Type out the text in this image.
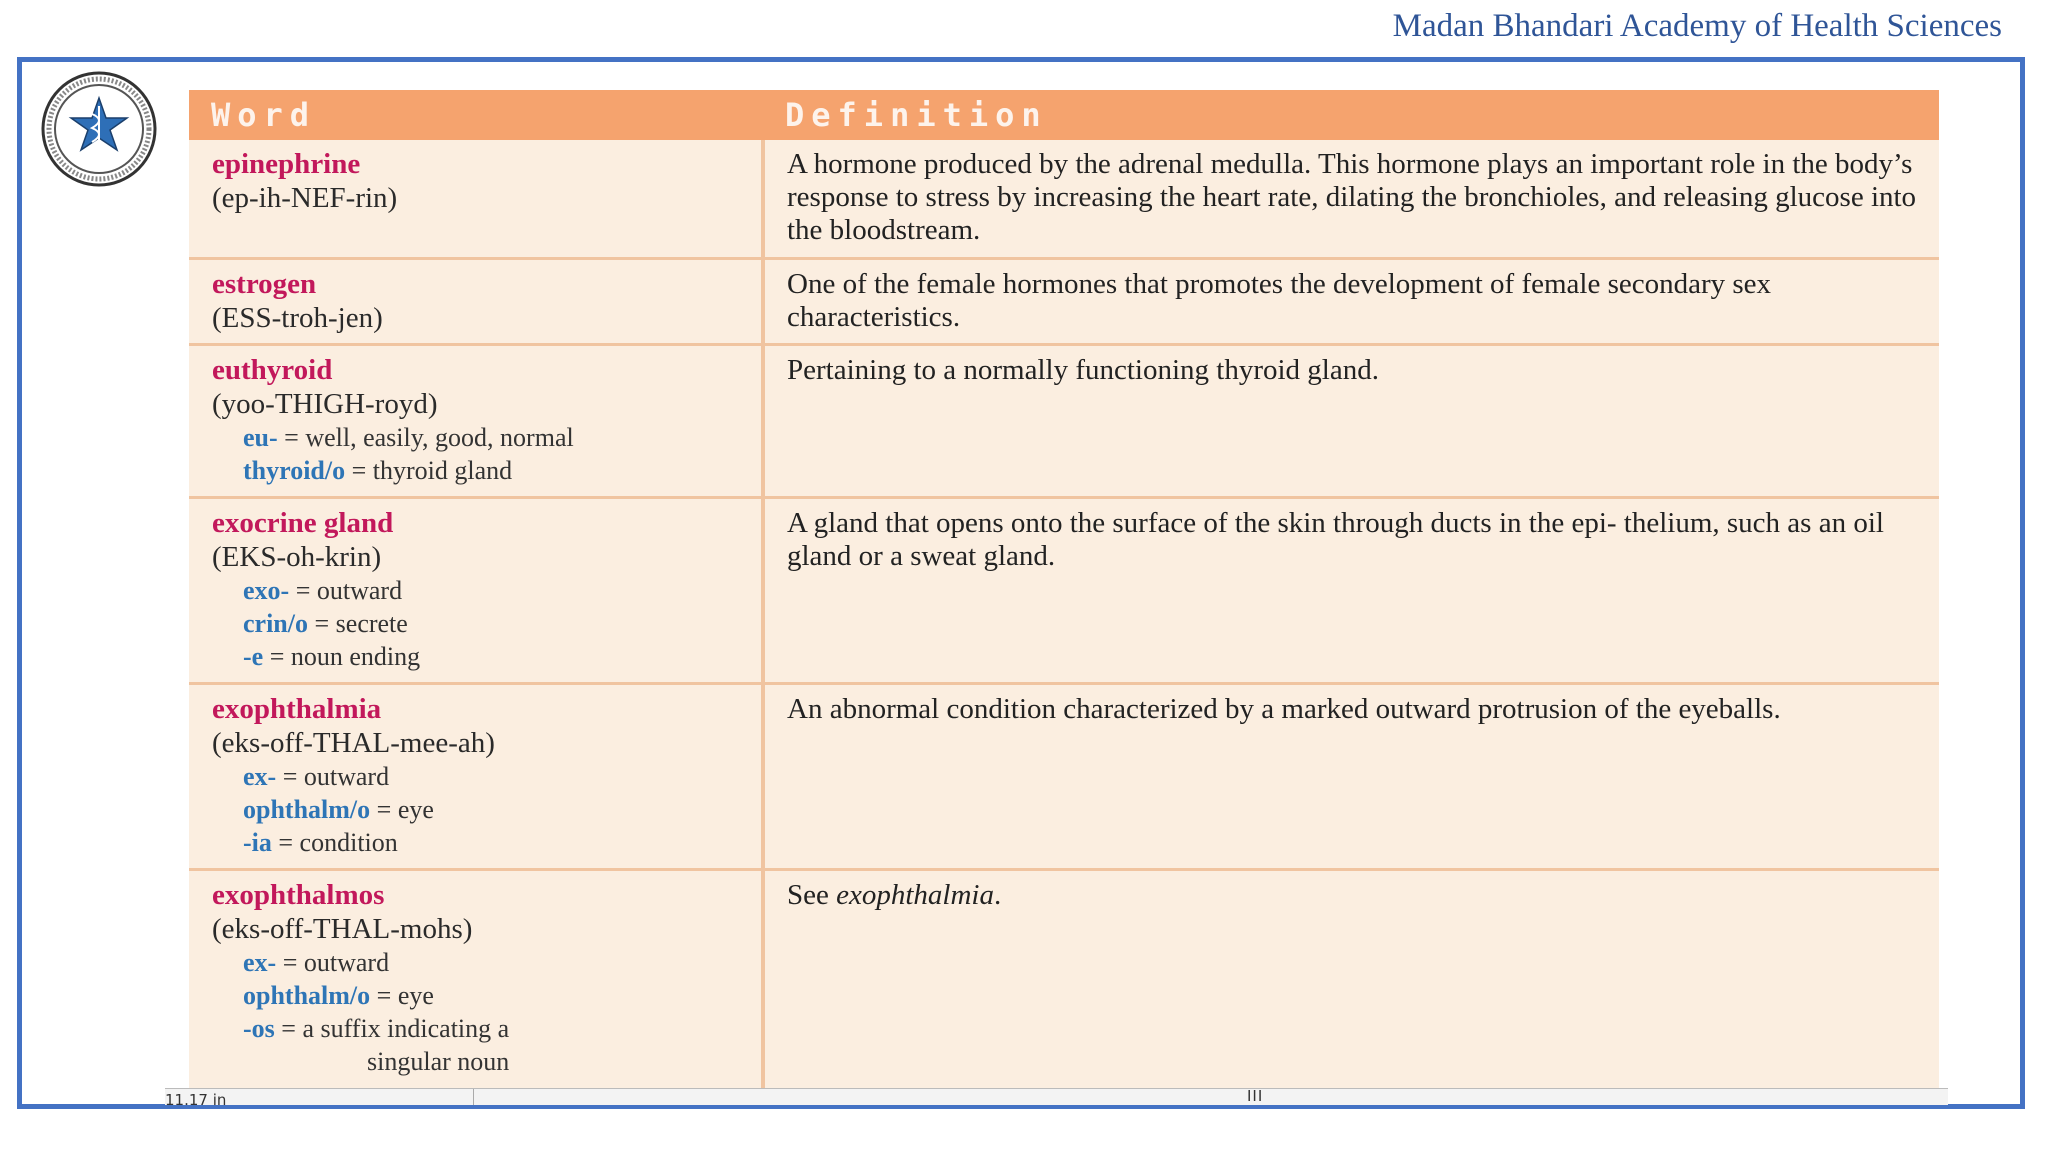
Madan Bhandari Academy of Health Sciences
Word	Definition
epinephrine
(ep-ih-NEF-rin)
A hormone produced by the adrenal medulla. This hormone plays an important role in the body’s response to stress by increasing the heart rate, dilating the bronchioles, and releasing glucose into the bloodstream.
estrogen
(ESS-troh-jen)
One of the female hormones that promotes the development of female secondary sex characteristics.
euthyroid
(yoo-THIGH-royd)
eu- = well, easily, good, normal
thyroid/o = thyroid gland
Pertaining to a normally functioning thyroid gland.
exocrine gland
(EKS-oh-krin)
exo- = outward
crin/o = secrete
-e = noun ending
A gland that opens onto the surface of the skin through ducts in the epi- thelium, such as an oil gland or a sweat gland.
exophthalmia
(eks-off-THAL-mee-ah)
ex- = outward
ophthalm/o = eye
-ia = condition
An abnormal condition characterized by a marked outward protrusion of the eyeballs.
exophthalmos
(eks-off-THAL-mohs)
ex- = outward
ophthalm/o = eye
-os = a suffix indicating a
singular noun
See exophthalmia.
11.17 in	III
